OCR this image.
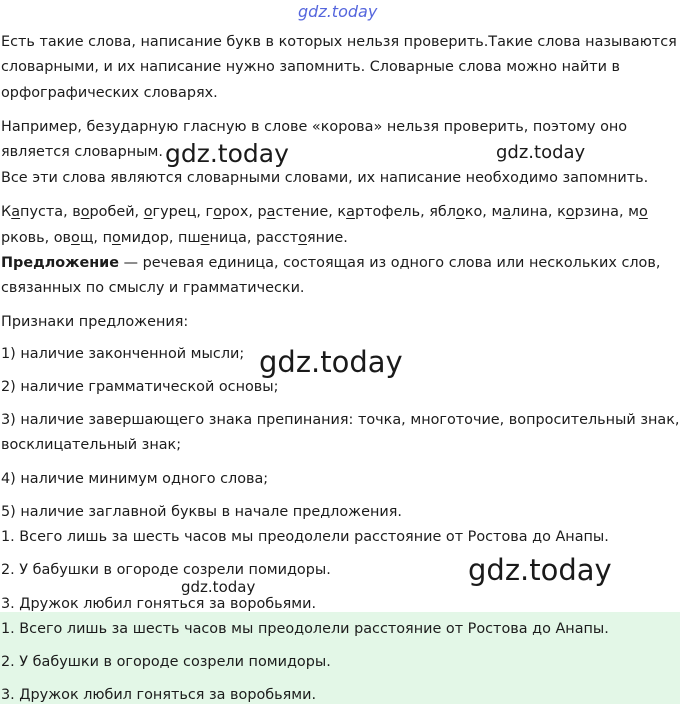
gdz.today
Есть такие слова, написание букв в которых нельзя проверить.Такие слова называются
словарными, и их написание нужно запомнить. Словарные слова можно найти в
орфографических словарях.
Например, безударную гласную в слове «корова» нельзя проверить, поэтому оно
является словарным.
Все эти слова являются словарными словами, их написание необходимо запомнить.
Капуста, воробей, огурец, горох, растение, картофель, яблоко, малина, корзина, мо
рковь, овощ, помидор, пшеница, расстояние.
Предложение — речевая единица, состоящая из одного слова или нескольких слов,
связанных по смыслу и грамматически.
Признаки предложения:
1) наличие законченной мысли;
2) наличие грамматической основы;
3) наличие завершающего знака препинания: точка, многоточие, вопросительный знак,
восклицательный знак;
4) наличие минимум одного слова;
5) наличие заглавной буквы в начале предложения.
1. Всего лишь за шесть часов мы преодолели расстояние от Ростова до Анапы.
2. У бабушки в огороде созрели помидоры.
3. Дружок любил гоняться за воробьями.
1. Всего лишь за шесть часов мы преодолели расстояние от Ростова до Анапы.
2. У бабушки в огороде созрели помидоры.
3. Дружок любил гоняться за воробьями.
gdz.today	gdz.today
gdz.today
gdz.today
gdz.today
